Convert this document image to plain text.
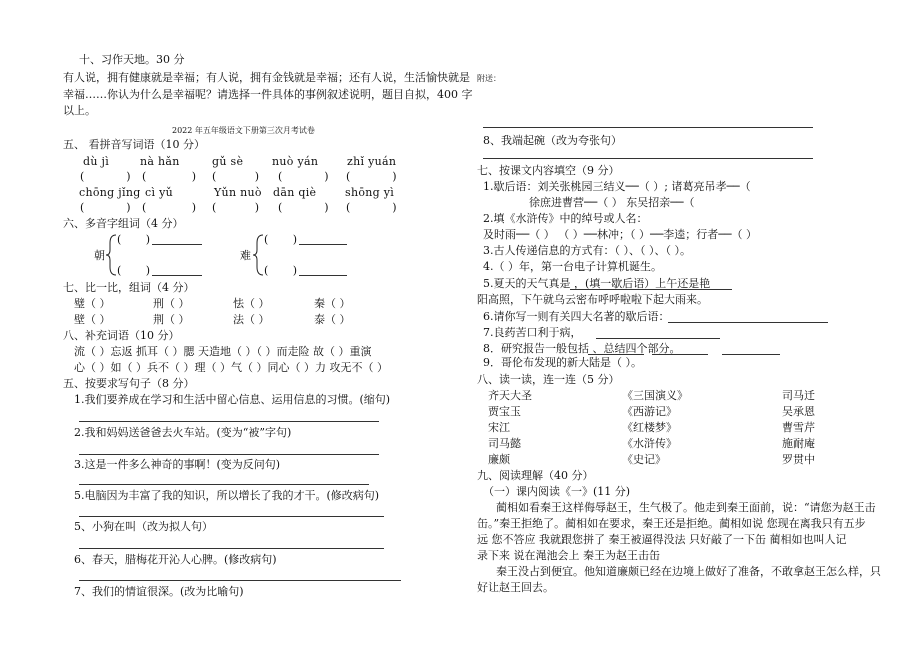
十、习作天地。30 分
有人说，拥有健康就是幸福；有人说，拥有金钱就是幸福；还有人说，生活愉快就是
幸福……你认为什么是幸福呢？请选择一件具体的事例叙述说明，题目自拟，400 字
以上。
2022 年五年级语文下册第三次月考试卷
五、 看拼音写词语（10 分）
dù jì	nà hǎn	gǔ sè	nuò yán	zhǐ yuán
(            ) (             ) (           ) (            ) (            )
chōng jǐng cì yǔ	Yǔn nuò dān qiè	shōng yì
(            ) (             ) (           ) (            ) (            )
六、多音字组词（4 分）
朝
(       )
(       )
难
(       )
(       )
七、比一比，组词（4 分）
璧（ ）	刑（ ）	怯（ ）	秦（ ）
壁（ ）	荆（ ）	法（ ）	泰（ ）
八、补充词语（10 分）
流（ ）忘返 抓耳（ ）腮 天造地（ ）（ ）而走险 故（ ）重演
心（ ）如（ ）兵不（ ）理（ ）气（ ）同心（ ）力 攻无不（ ）
五、按要求写句子（8 分）
1.我们要养成在学习和生活中留心信息、运用信息的习惯。(缩句)
2.我和妈妈送爸爸去火车站。(变为“被”字句)
3.这是一件多么神奇的事啊！(变为反问句)
5.电脑因为丰富了我的知识，所以增长了我的才干。(修改病句)
5、小狗在叫（改为拟人句）
6、春天，腊梅花开沁人心脾。(修改病句)
7、我们的情谊很深。(改为比喻句)
附送：
8、我端起碗（改为夸张句）
七、按课文内容填空（9 分）
1.歇后语：刘关张桃园三结义──（ ）; 诸葛亮吊孝──（
徐庶进曹营──（ ） 东吴招亲──（
2.填《水浒传》中的绰号或人名：
及时雨──（ ） （ ）──林冲；（ ）──李逵；行者──（ ）
3.古人传递信息的方式有：（ ）、（ ）、（ ）。
4.（ ）年，第一台电子计算机诞生。
5.夏天的天气真是 ，(填一歇后语）上午还是艳
阳高照，下午就乌云密布呼呼啦啦下起大雨来。
6.请你写一则有关四大名著的歇后语：
7.良药苦口利于病，
8．研究报告一般包括 、总结四个部分。
9．哥伦布发现的新大陆是（ ）。
八、读一读，连一连（5 分）
齐天大圣	《三国演义》	司马迁
贾宝玉	《西游记》	吴承恩
宋江	《红楼梦》	曹雪芹
司马懿	《水浒传》	施耐庵
廉颇	《史记》	罗贯中
九、阅读理解（40 分）
（一）课内阅读《一》(11 分)
蔺相如看秦王这样侮辱赵王，生气极了。他走到秦王面前，说：“请您为赵王击
缶。”秦王拒绝了。蔺相如在要求，秦王还是拒绝。蔺相如说 您现在离我只有五步
远 您不答应 我就跟您拼了 秦王被逼得没法 只好敲了一下缶 蔺相如也叫人记
录下来 说在渑池会上 秦王为赵王击缶
秦王没占到便宜。他知道廉颇已经在边境上做好了准备，不敢拿赵王怎么样，只
好让赵王回去。
